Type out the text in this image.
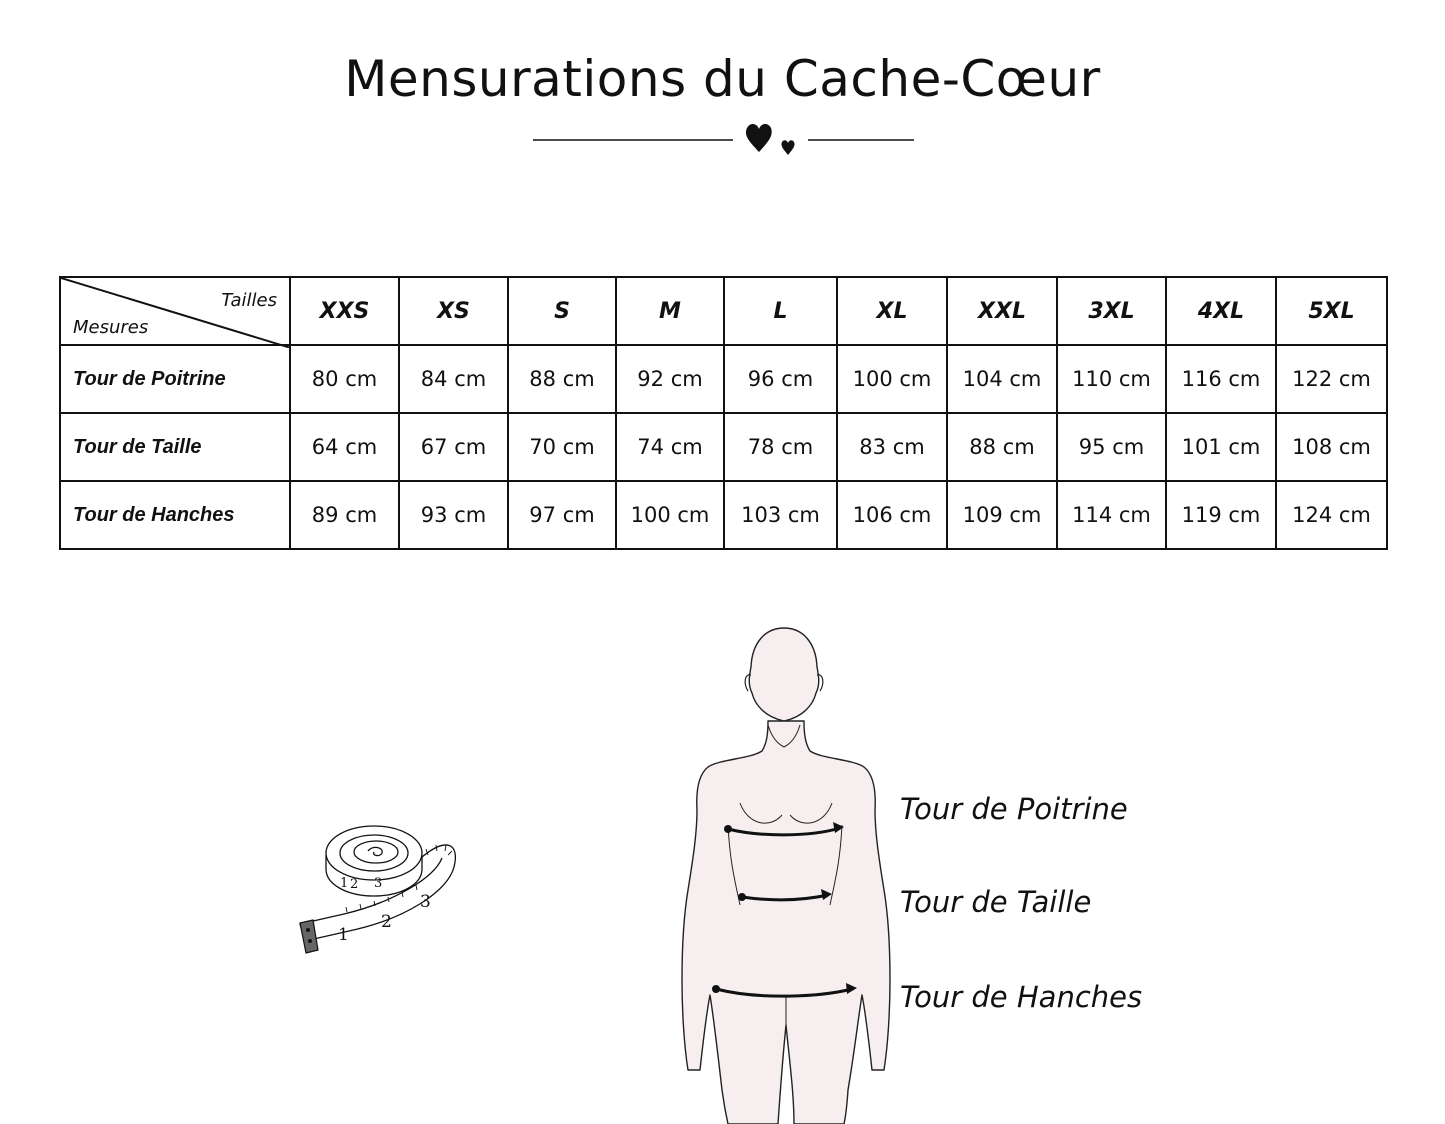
Mensurations du Cache-Cœur
Tailles
Mesures	XXS	XS	S	M	L	XL	XXL	3XL	4XL	5XL
Tour de Poitrine	80 cm	84 cm	88 cm	92 cm	96 cm	100 cm	104 cm	110 cm	116 cm	122 cm
Tour de Taille	64 cm	67 cm	70 cm	74 cm	78 cm	83 cm	88 cm	95 cm	101 cm	108 cm
Tour de Hanches	89 cm	93 cm	97 cm	100 cm	103 cm	106 cm	109 cm	114 cm	119 cm	124 cm
1 2 3
1
2
3
Tour de Poitrine
Tour de Taille
Tour de Hanches
